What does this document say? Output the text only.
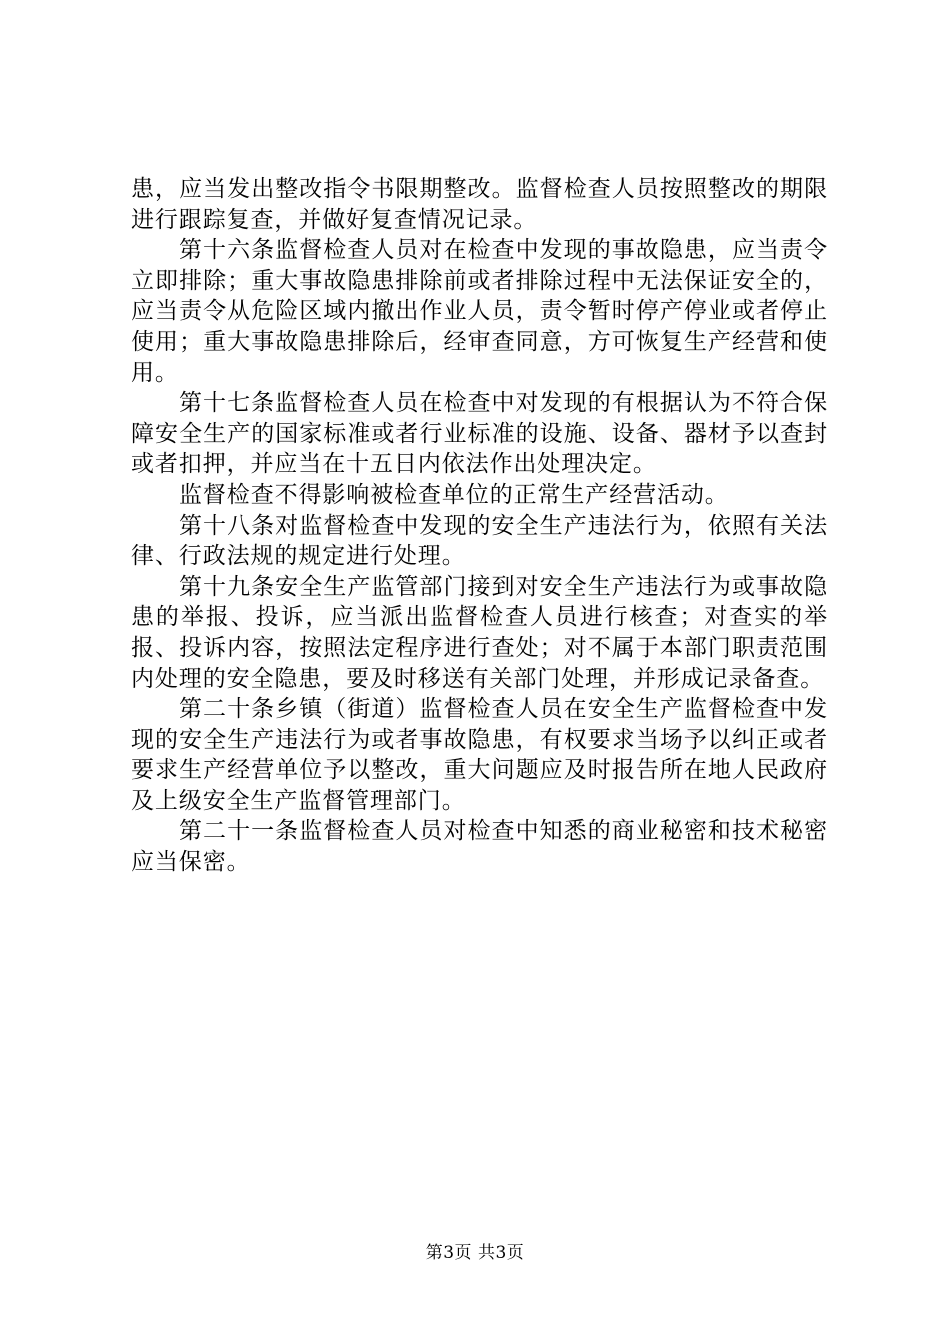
患，应当发出整改指令书限期整改。监督检查人员按照整改的期限进行跟踪复查，并做好复查情况记录。

第十六条监督检查人员对在检查中发现的事故隐患，应当责令立即排除；重大事故隐患排除前或者排除过程中无法保证安全的，应当责令从危险区域内撤出作业人员，责令暂时停产停业或者停止使用；重大事故隐患排除后，经审查同意，方可恢复生产经营和使用。

第十七条监督检查人员在检查中对发现的有根据认为不符合保障安全生产的国家标准或者行业标准的设施、设备、器材予以查封或者扣押，并应当在十五日内依法作出处理决定。

监督检查不得影响被检查单位的正常生产经营活动。

第十八条对监督检查中发现的安全生产违法行为，依照有关法律、行政法规的规定进行处理。

第十九条安全生产监管部门接到对安全生产违法行为或事故隐患的举报、投诉，应当派出监督检查人员进行核查；对查实的举报、投诉内容，按照法定程序进行查处；对不属于本部门职责范围内处理的安全隐患，要及时移送有关部门处理，并形成记录备查。

第二十条乡镇（街道）监督检查人员在安全生产监督检查中发现的安全生产违法行为或者事故隐患，有权要求当场予以纠正或者要求生产经营单位予以整改，重大问题应及时报告所在地人民政府及上级安全生产监督管理部门。

第二十一条监督检查人员对检查中知悉的商业秘密和技术秘密应当保密。

第3页 共3页
